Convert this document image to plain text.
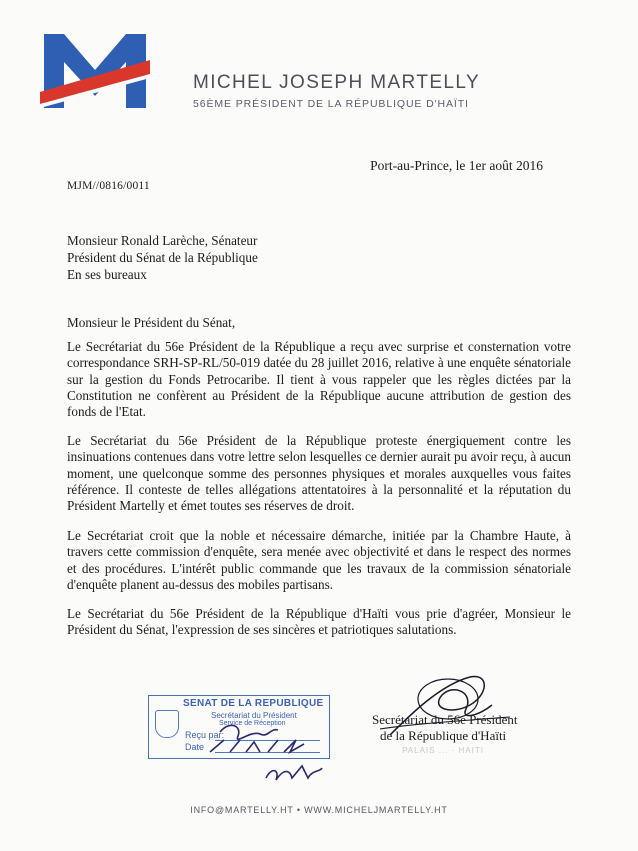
MICHEL JOSEPH MARTELLY
56ÈME PRÉSIDENT DE LA RÉPUBLIQUE D'HAÏTI
Port-au-Prince, le 1er août 2016
MJM//0816/0011
Monsieur Ronald Larèche, Sénateur
Président du Sénat de la République
En ses bureaux
Monsieur le Président du Sénat,
Le Secrétariat du 56e Président de la République a reçu avec surprise et consternation votre correspondance SRH-SP-RL/50-019 datée du 28 juillet 2016, relative à une enquête sénatoriale sur la gestion du Fonds Petrocaribe. Il tient à vous rappeler que les règles dictées par la Constitution ne confèrent au Président de la République aucune attribution de gestion des fonds de l'Etat.
Le Secrétariat du 56e Président de la République proteste énergiquement contre les insinuations contenues dans votre lettre selon lesquelles ce dernier aurait pu avoir reçu, à aucun moment, une quelconque somme des personnes physiques et morales auxquelles vous faites référence. Il conteste de telles allégations attentatoires à la personnalité et la réputation du Président Martelly et émet toutes ses réserves de droit.
Le Secrétariat croit que la noble et nécessaire démarche, initiée par la Chambre Haute, à travers cette commission d'enquête, sera menée avec objectivité et dans le respect des normes et des procédures. L'intérêt public commande que les travaux de la commission sénatoriale d'enquête planent au-dessus des mobiles partisans.
Le Secrétariat du 56e Président de la République d'Haïti vous prie d'agréer, Monsieur le Président du Sénat, l'expression de ses sincères et patriotiques salutations.
SENAT DE LA REPUBLIQUE
Secrétariat du Président
Service de Réception
Reçu par:
Date
Secrétariat du 56e Président
de la République d'Haïti
PALAIS ... · HAITI
INFO@MARTELLY.HT • WWW.MICHELJMARTELLY.HT
